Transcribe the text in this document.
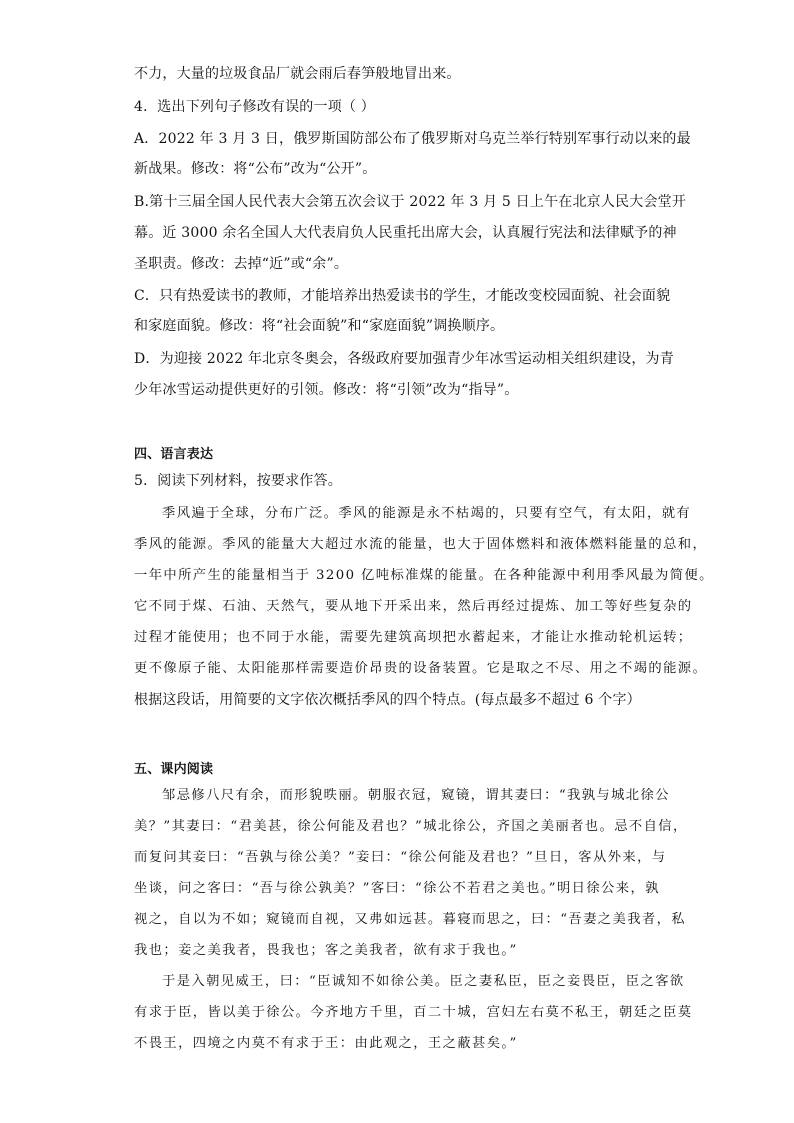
不力，大量的垃圾食品厂就会雨后春笋般地冒出来。
4．选出下列句子修改有误的一项（ ）
A．2022 年 3 月 3 日，俄罗斯国防部公布了俄罗斯对乌克兰举行特别军事行动以来的最
新战果。修改：将“公布”改为“公开”。
B.第十三届全国人民代表大会第五次会议于 2022 年 3 月 5 日上午在北京人民大会堂开
幕。近 3000 余名全国人大代表肩负人民重托出席大会，认真履行宪法和法律赋予的神
圣职责。修改：去掉“近”或“余”。
C．只有热爱读书的教师，才能培养出热爱读书的学生，才能改变校园面貌、社会面貌
和家庭面貌。修改：将“社会面貌”和“家庭面貌”调换顺序。
D．为迎接 2022 年北京冬奥会，各级政府要加强青少年冰雪运动相关组织建设，为青
少年冰雪运动提供更好的引领。修改：将“引领”改为“指导”。
四、语言表达
5．阅读下列材料，按要求作答。
季风遍于全球，分布广泛。季风的能源是永不枯竭的，只要有空气，有太阳，就有
季风的能源。季风的能量大大超过水流的能量，也大于固体燃料和液体燃料能量的总和，
一年中所产生的能量相当于 3200 亿吨标准煤的能量。在各种能源中利用季风最为简便。
它不同于煤、石油、天然气，要从地下开采出来，然后再经过提炼、加工等好些复杂的
过程才能使用；也不同于水能，需要先建筑高坝把水蓄起来，才能让水推动轮机运转；
更不像原子能、太阳能那样需要造价昂贵的设备装置。它是取之不尽、用之不竭的能源。
根据这段话，用简要的文字依次概括季风的四个特点。(每点最多不超过 6 个字）
五、课内阅读
邹忌修八尺有余，而形貌昳丽。朝服衣冠，窥镜，谓其妻曰：“我孰与城北徐公
美？”其妻曰：“君美甚，徐公何能及君也？”城北徐公，齐国之美丽者也。忌不自信，
而复问其妾曰：“吾孰与徐公美？”妾曰：“徐公何能及君也？”旦日，客从外来，与
坐谈，问之客曰：“吾与徐公孰美？”客曰：“徐公不若君之美也。”明日徐公来，孰
视之，自以为不如；窥镜而自视，又弗如远甚。暮寝而思之，曰：“吾妻之美我者，私
我也；妾之美我者，畏我也；客之美我者，欲有求于我也。”
于是入朝见威王，曰：“臣诚知不如徐公美。臣之妻私臣，臣之妾畏臣，臣之客欲
有求于臣，皆以美于徐公。今齐地方千里，百二十城，宫妇左右莫不私王，朝廷之臣莫
不畏王，四境之内莫不有求于王：由此观之，王之蔽甚矣。”
